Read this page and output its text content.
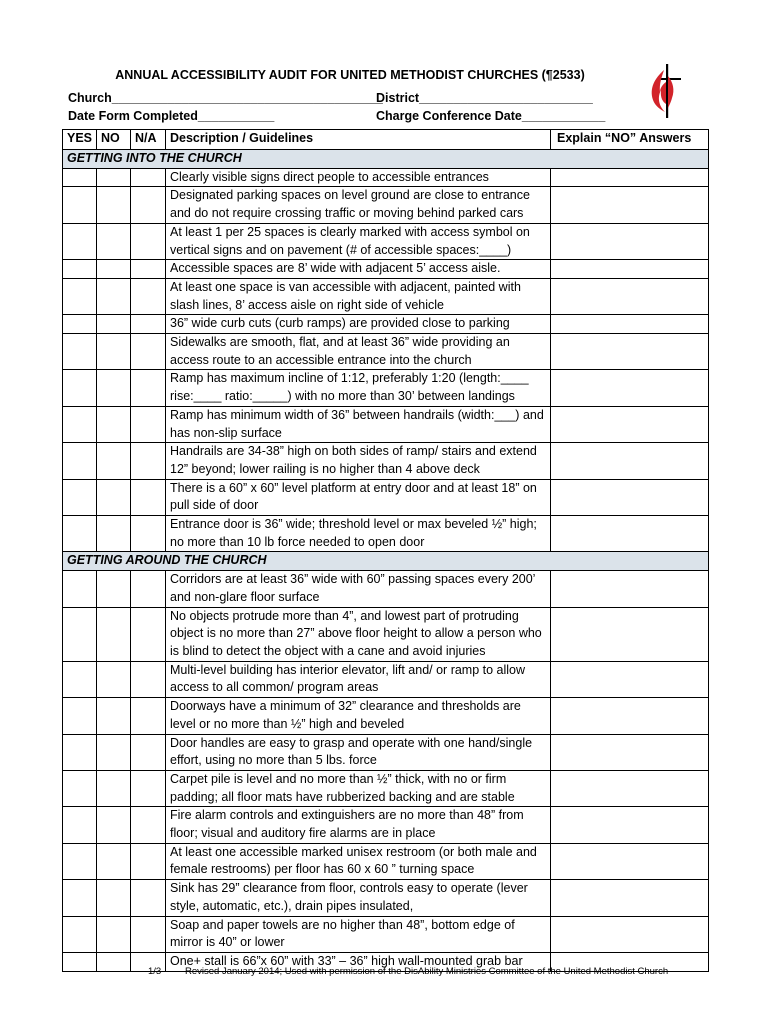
ANNUAL ACCESSIBILITY AUDIT FOR UNITED METHODIST CHURCHES (¶2533)
Church_______________________________________
District_________________________
Date Form Completed___________	Charge Conference Date____________
YES	NO	N/A	Description / Guidelines	Explain “NO” Answers
GETTING INTO THE CHURCH				
			Clearly visible signs direct people to accessible entrances	
			Designated parking spaces on level ground are close to entrance and do not require crossing traffic or moving behind parked cars	
			At least 1 per 25 spaces is clearly marked with access symbol on vertical signs and on pavement (# of accessible spaces:____)	
			Accessible spaces are 8’ wide with adjacent 5’ access aisle.	
			At least one space is van accessible with adjacent, painted with slash lines, 8’ access aisle on right side of vehicle	
			36” wide curb cuts (curb ramps) are provided close to parking	
			Sidewalks are smooth, flat, and at least 36” wide providing an access route to an accessible entrance into the church	
			Ramp has maximum incline of 1:12, preferably 1:20 (length:____ rise:____ ratio:_____) with no more than 30’ between landings	
			Ramp has minimum width of 36” between handrails (width:___) and has non-slip surface	
			Handrails are 34-38” high on both sides of ramp/ stairs and extend 12” beyond; lower railing is no higher than 4 above deck	
			There is a 60” x 60” level platform at entry door and at least 18” on pull side of door	
			Entrance door is 36” wide; threshold level or max beveled ½” high; no more than 10 lb force needed to open door	
GETTING AROUND THE CHURCH				
			Corridors are at least 36” wide with 60” passing spaces every 200’ and non-glare floor surface	
			No objects protrude more than 4”, and lowest part of protruding object is no more than 27” above floor height to allow a person who is blind to detect the object with a cane and avoid injuries	
			Multi-level building has interior elevator, lift and/ or ramp to allow access to all common/ program areas	
			Doorways have a minimum of 32” clearance and thresholds are level or no more than ½” high and beveled	
			Door handles are easy to grasp and operate with one hand/single effort, using no more than 5 lbs. force	
			Carpet pile is level and no more than ½” thick, with no or firm padding; all floor mats have rubberized backing and are stable	
			Fire alarm controls and extinguishers are no more than 48” from floor; visual and auditory fire alarms are in place	
			At least one accessible marked unisex restroom (or both male and female restrooms) per floor has 60 x 60 ” turning space	
			Sink has 29” clearance from floor, controls easy to operate (lever style, automatic, etc.), drain pipes insulated,	
			Soap and paper towels are no higher than 48”, bottom edge of mirror is 40” or lower	
			One+ stall is 66”x 60” with 33” – 36” high wall-mounted grab bar	
1/3	Revised January 2014; Used with permission of the DisAbility Ministries Committee of the United Methodist Church
